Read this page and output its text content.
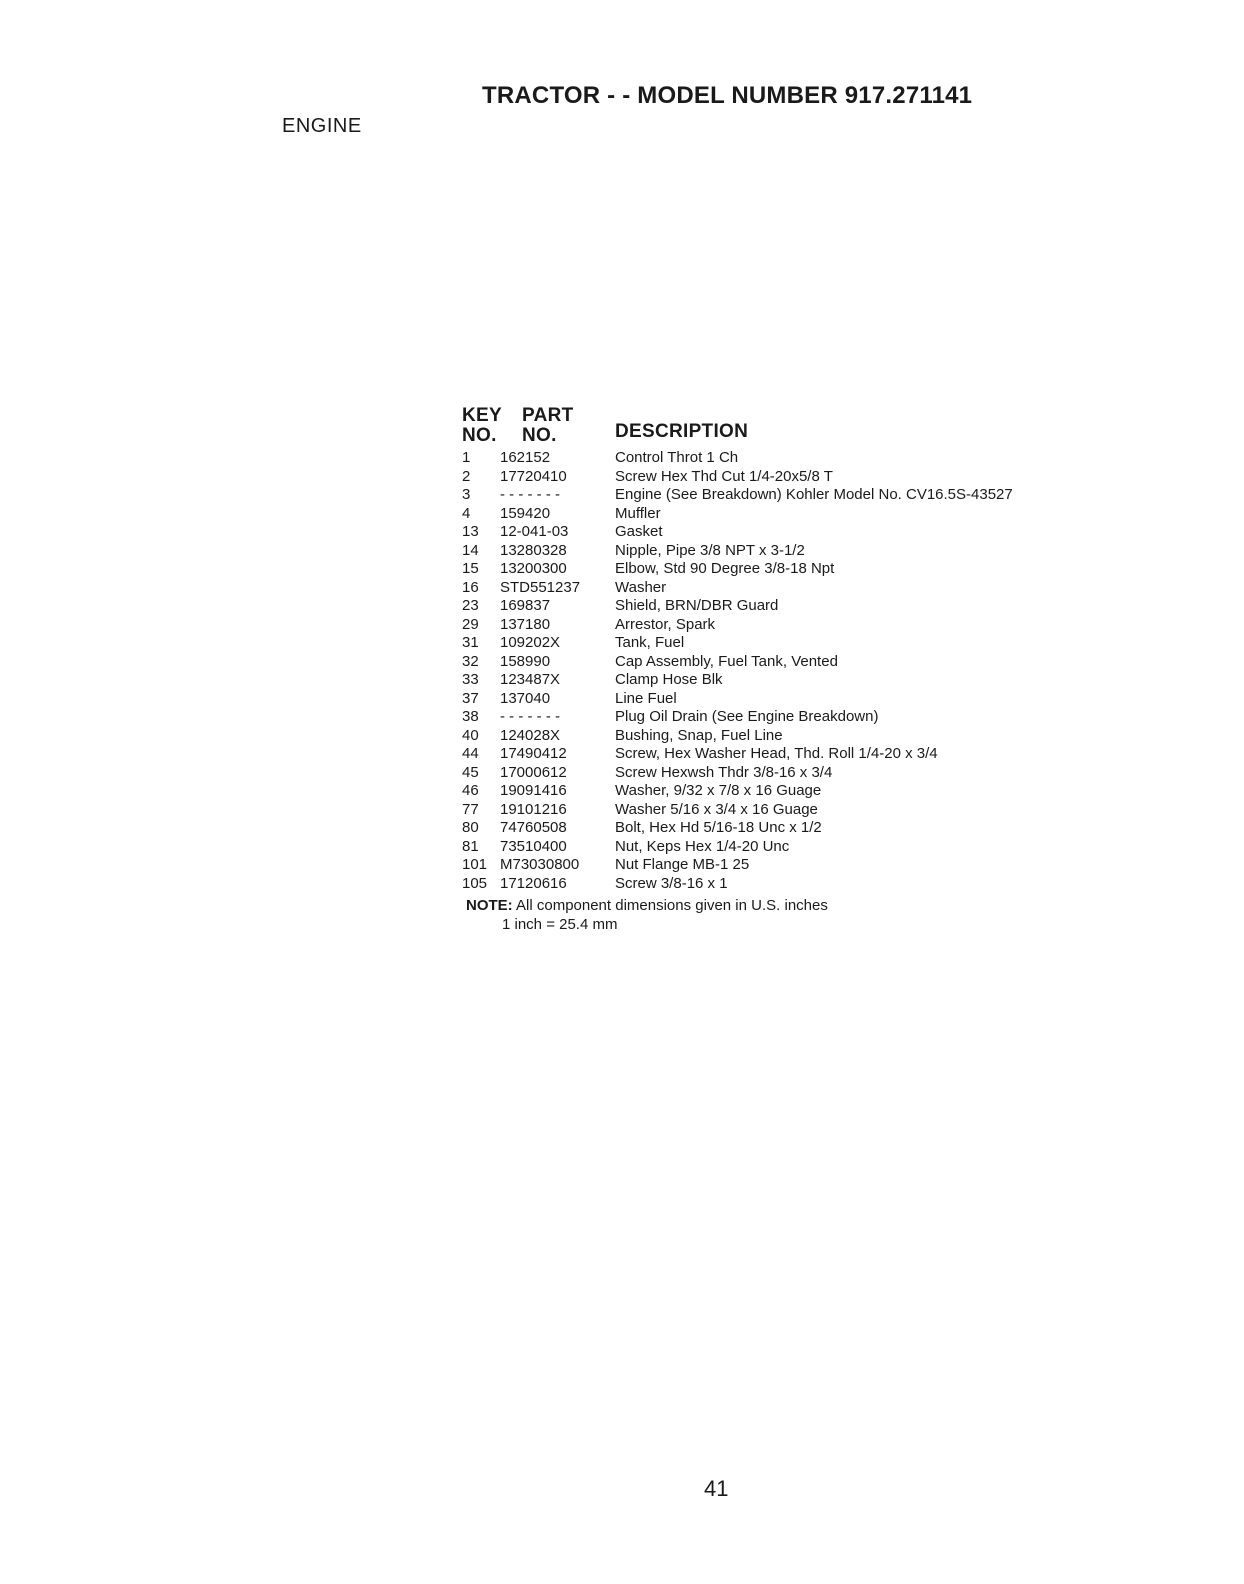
TRACTOR - - MODEL NUMBER 917.271141
ENGINE
KEY PART
NO. NO.	DESCRIPTION
1 162152	Control Throt 1 Ch
2 17720410	Screw Hex Thd Cut 1/4-20x5/8 T
3 - - - - - - -	Engine (See Breakdown) Kohler Model No. CV16.5S-43527
4 159420	Muffler
13 12-041-03	Gasket
14 13280328	Nipple, Pipe 3/8 NPT x 3-1/2
15 13200300	Elbow, Std 90 Degree 3/8-18 Npt
16 STD551237 Washer
23 169837	Shield, BRN/DBR Guard
29 137180	Arrestor, Spark
31 109202X	Tank, Fuel
32 158990	Cap Assembly, Fuel Tank, Vented
33 123487X	Clamp Hose Blk
37 137040	Line Fuel
38 - - - - - - -	Plug Oil Drain (See Engine Breakdown)
40 124028X	Bushing, Snap, Fuel Line
44 17490412	Screw, Hex Washer Head, Thd. Roll 1/4-20 x 3/4
45 17000612	Screw Hexwsh Thdr 3/8-16 x 3/4
46 19091416	Washer, 9/32 x 7/8 x 16 Guage
77 19101216	Washer 5/16 x 3/4 x 16 Guage
80 74760508	Bolt, Hex Hd 5/16-18 Unc x 1/2
81 73510400	Nut, Keps Hex 1/4-20 Unc
101 M73030800 Nut Flange MB-1 25
105 17120616	Screw 3/8-16 x 1
NOTE: All component dimensions given in U.S. inches
1 inch = 25.4 mm
41
